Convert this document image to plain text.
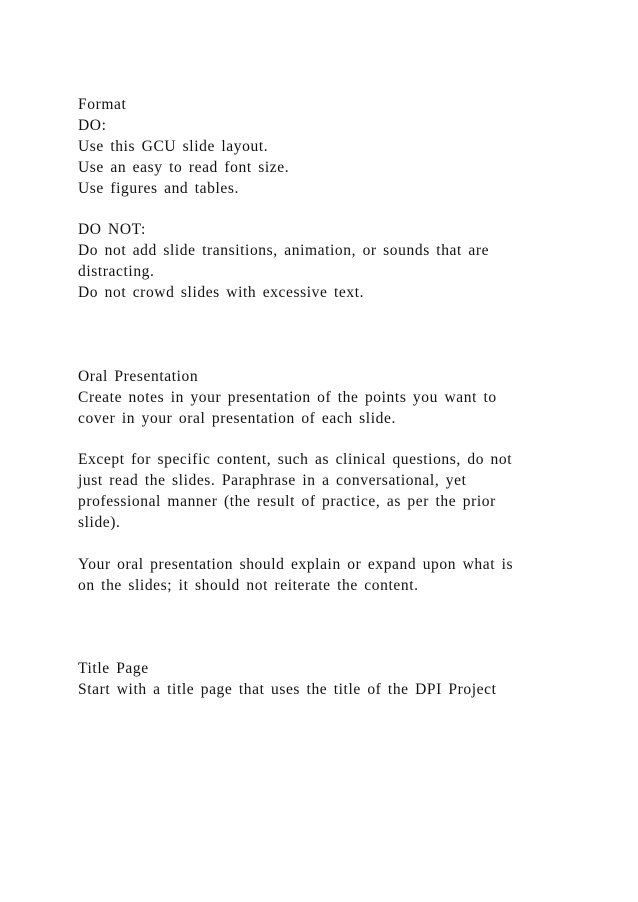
Format
DO:
Use this GCU slide layout.
Use an easy to read font size.
Use figures and tables.
DO NOT:
Do not add slide transitions, animation, or sounds that are
distracting.
Do not crowd slides with excessive text.
Oral Presentation
Create notes in your presentation of the points you want to
cover in your oral presentation of each slide.
Except for specific content, such as clinical questions, do not
just read the slides. Paraphrase in a conversational, yet
professional manner (the result of practice, as per the prior
slide).
Your oral presentation should explain or expand upon what is
on the slides; it should not reiterate the content.
Title Page
Start with a title page that uses the title of the DPI Project
